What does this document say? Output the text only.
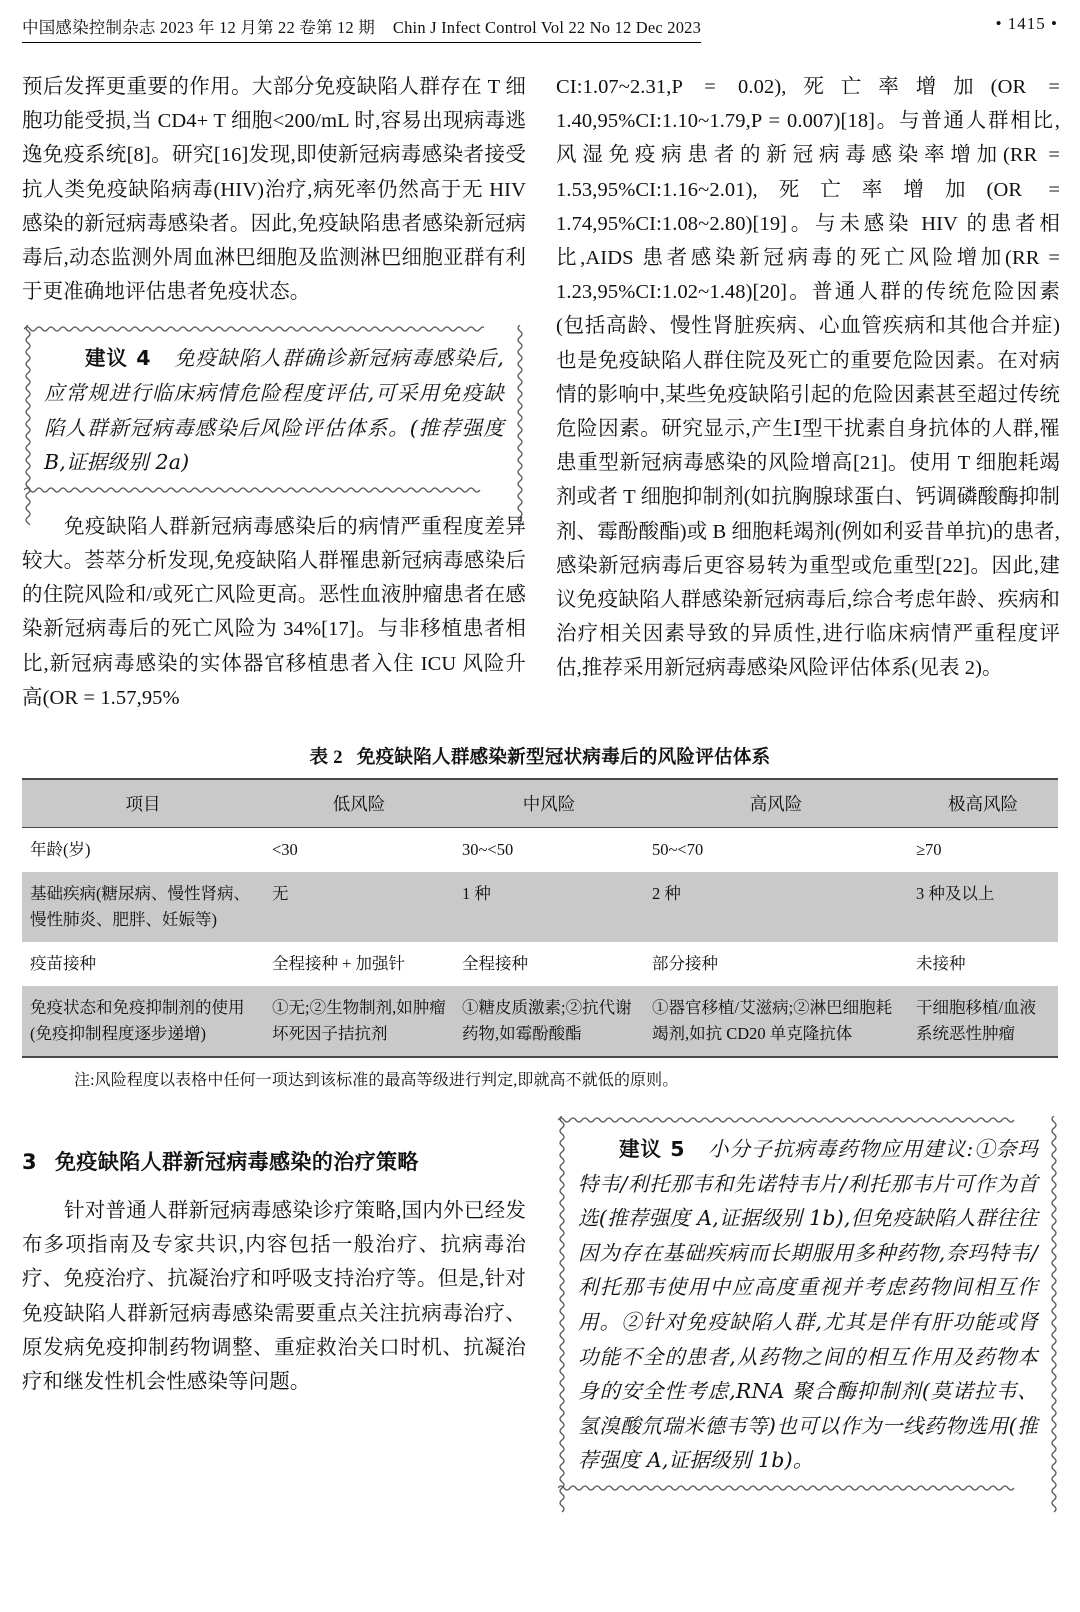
中国感染控制杂志 2023 年 12 月第 22 卷第 12 期 Chin J Infect Control Vol 22 No 12 Dec 2023	• 1415 •

预后发挥更重要的作用。大部分免疫缺陷人群存在 T 细胞功能受损,当 CD4+ T 细胞<200/mL 时,容易出现病毒逃逸免疫系统[8]。研究[16]发现,即使新冠病毒感染者接受抗人类免疫缺陷病毒(HIV)治疗,病死率仍然高于无 HIV 感染的新冠病毒感染者。因此,免疫缺陷患者感染新冠病毒后,动态监测外周血淋巴细胞及监测淋巴细胞亚群有利于更准确地评估患者免疫状态。

建议 4 免疫缺陷人群确诊新冠病毒感染后,应常规进行临床病情危险程度评估,可采用免疫缺陷人群新冠病毒感染后风险评估体系。(推荐强度 B,证据级别 2a)

免疫缺陷人群新冠病毒感染后的病情严重程度差异较大。荟萃分析发现,免疫缺陷人群罹患新冠病毒感染后的住院风险和/或死亡风险更高。恶性血液肿瘤患者在感染新冠病毒后的死亡风险为 34%[17]。与非移植患者相比,新冠病毒感染的实体器官移植患者入住 ICU 风险升高(OR = 1.57,95%

CI:1.07~2.31,P = 0.02),死亡率增加(OR = 1.40,95%CI:1.10~1.79,P = 0.007)[18]。与普通人群相比,风湿免疫病患者的新冠病毒感染率增加(RR = 1.53,95%CI:1.16~2.01),死亡率增加(OR = 1.74,95%CI:1.08~2.80)[19]。与未感染 HIV 的患者相比,AIDS 患者感染新冠病毒的死亡风险增加(RR = 1.23,95%CI:1.02~1.48)[20]。普通人群的传统危险因素(包括高龄、慢性肾脏疾病、心血管疾病和其他合并症)也是免疫缺陷人群住院及死亡的重要危险因素。在对病情的影响中,某些免疫缺陷引起的危险因素甚至超过传统危险因素。研究显示,产生Ⅰ型干扰素自身抗体的人群,罹患重型新冠病毒感染的风险增高[21]。使用 T 细胞耗竭剂或者 T 细胞抑制剂(如抗胸腺球蛋白、钙调磷酸酶抑制剂、霉酚酸酯)或 B 细胞耗竭剂(例如利妥昔单抗)的患者,感染新冠病毒后更容易转为重型或危重型[22]。因此,建议免疫缺陷人群感染新冠病毒后,综合考虑年龄、疾病和治疗相关因素导致的异质性,进行临床病情严重程度评估,推荐采用新冠病毒感染风险评估体系(见表 2)。

表 2 免疫缺陷人群感染新型冠状病毒后的风险评估体系
项目	低风险	中风险	高风险	极高风险
年龄(岁)	<30	30~<50	50~<70	≥70
基础疾病(糖尿病、慢性肾病、慢性肺炎、肥胖、妊娠等)	无	1 种	2 种	3 种及以上
疫苗接种	全程接种 + 加强针	全程接种	部分接种	未接种
免疫状态和免疫抑制剂的使用(免疫抑制程度逐步递增)	①无;②生物制剂,如肿瘤坏死因子拮抗剂	①糖皮质激素;②抗代谢药物,如霉酚酸酯	①器官移植/艾滋病;②淋巴细胞耗竭剂,如抗 CD20 单克隆抗体	干细胞移植/血液系统恶性肿瘤
注:风险程度以表格中任何一项达到该标准的最高等级进行判定,即就高不就低的原则。
3 免疫缺陷人群新冠病毒感染的治疗策略

针对普通人群新冠病毒感染诊疗策略,国内外已经发布多项指南及专家共识,内容包括一般治疗、抗病毒治疗、免疫治疗、抗凝治疗和呼吸支持治疗等。但是,针对免疫缺陷人群新冠病毒感染需要重点关注抗病毒治疗、原发病免疫抑制药物调整、重症救治关口时机、抗凝治疗和继发性机会性感染等问题。

建议 5 小分子抗病毒药物应用建议:①奈玛特韦/利托那韦和先诺特韦片/利托那韦片可作为首选(推荐强度 A,证据级别 1b),但免疫缺陷人群往往因为存在基础疾病而长期服用多种药物,奈玛特韦/利托那韦使用中应高度重视并考虑药物间相互作用。②针对免疫缺陷人群,尤其是伴有肝功能或肾功能不全的患者,从药物之间的相互作用及药物本身的安全性考虑,RNA 聚合酶抑制剂(莫诺拉韦、氢溴酸氘瑞米德韦等)也可以作为一线药物选用(推荐强度 A,证据级别 1b)。
